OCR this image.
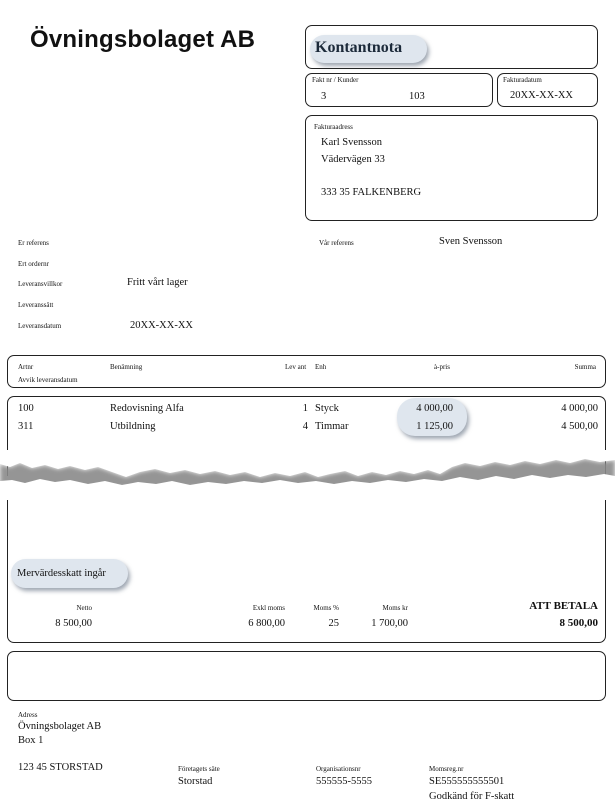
Övningsbolaget AB	Kontantnota
Fakt nr / Kunder
3	103
Fakturadatum
20XX-XX-XX
Fakturaadress
Karl Svensson
Vädervägen 33
333 35 FALKENBERG
Er referens	Vår referens	Sven Svensson
Ert ordernr
Leveransvillkor	Fritt vårt lager
Leveranssätt
Leveransdatum	20XX-XX-XX
Artnr
Avvik leveransdatum
Benämning	Lev ant Enh	à-pris	Summa
100	Redovisning Alfa	1 Styck	4 000,00	4 000,00
311	Utbildning	4 Timmar	1 125,00	4 500,00
Mervärdesskatt ingår
Netto
8 500,00
Exkl moms
6 800,00
Moms %
25
Moms kr
1 700,00
ATT BETALA
8 500,00
Adress
Övningsbolaget AB
Box 1
123 45 STORSTAD	Företagets säte
Storstad
Organisationsnr
555555-5555
Momsreg.nr
SE555555555501
Godkänd för F-skatt
